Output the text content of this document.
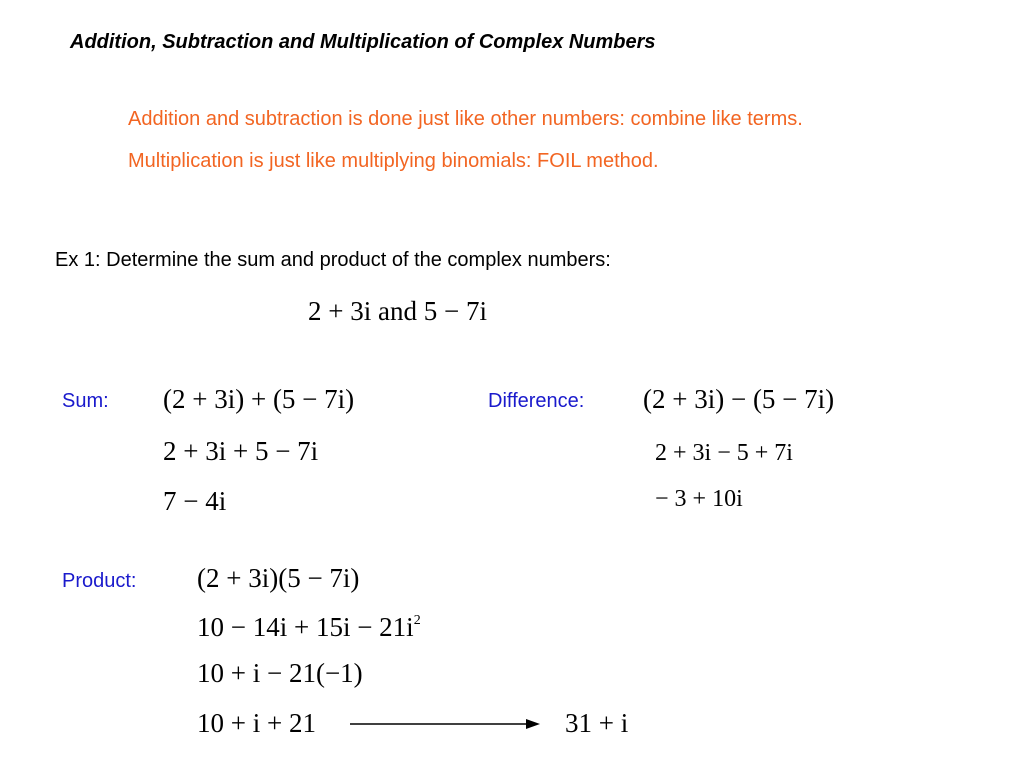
Addition, Subtraction and Multiplication of Complex Numbers

Addition and subtraction is done just like other numbers: combine like terms.

Multiplication is just like multiplying binomials: FOIL method.

Ex 1: Determine the sum and product of the complex numbers:

2 + 3i and 5 − 7i
Sum: (2 + 3i) + (5 − 7i)
2 + 3i + 5 − 7i
7 − 4i
Difference: (2 + 3i) − (5 − 7i)
2 + 3i − 5 + 7i
− 3 + 10i
Product: (2 + 3i)(5 − 7i)
$10 - 14i + 15i - 21i^2$
10 + i − 21(−1)
10 + i + 21	31 + i
